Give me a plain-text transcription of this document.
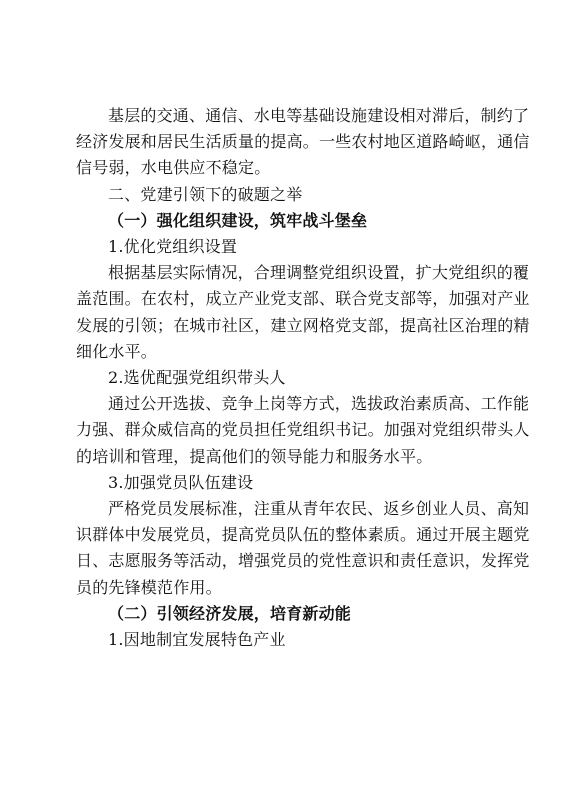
基层的交通、通信、水电等基础设施建设相对滞后，制约了
经济发展和居民生活质量的提高。一些农村地区道路崎岖，通信
信号弱，水电供应不稳定。
二、党建引领下的破题之举
（一）强化组织建设，筑牢战斗堡垒
1.优化党组织设置
根据基层实际情况，合理调整党组织设置，扩大党组织的覆
盖范围。在农村，成立产业党支部、联合党支部等，加强对产业
发展的引领；在城市社区，建立网格党支部，提高社区治理的精
细化水平。
2.选优配强党组织带头人
通过公开选拔、竞争上岗等方式，选拔政治素质高、工作能
力强、群众威信高的党员担任党组织书记。加强对党组织带头人
的培训和管理，提高他们的领导能力和服务水平。
3.加强党员队伍建设
严格党员发展标准，注重从青年农民、返乡创业人员、高知
识群体中发展党员，提高党员队伍的整体素质。通过开展主题党
日、志愿服务等活动，增强党员的党性意识和责任意识，发挥党
员的先锋模范作用。
（二）引领经济发展，培育新动能
1.因地制宜发展特色产业
